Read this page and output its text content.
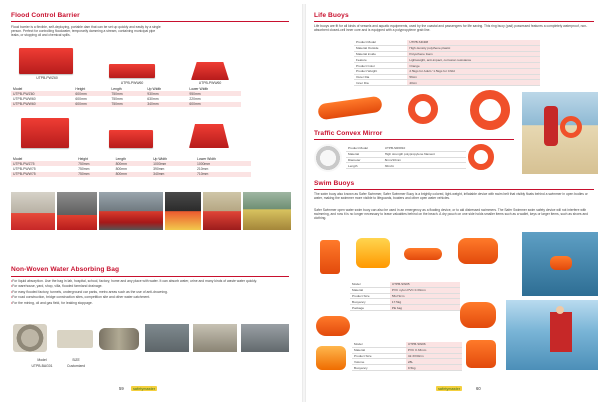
Flood Control Barrier
Flood barrier is a flexible, self-deploying, portable dam that can be set up quickly and easily by a single person. Perfect for controlling floodwater, temporarily damming a stream, containing municipal pipe leaks, or stopping oil and chemical spills.
UTPB-PWZ60
UTPB-PWW60	UTPB-PWW60
Model	Height	Length	Up Width	Lower Width
UTPB-PWZ60	600mm	750mm	930mm	950mm
UTPB-PWW60	600mm	750mm	630mm	220mm
UTPB-PWW60	600mm	750mm	340mm	600mm
Model	Height	Length	Up Width	Lower Width
UTPB-PWZ75	750mm	800mm	1000mm	1000mm
UTPB-PWW75	750mm	800mm	390mm	210mm
UTPB-PWW75	750mm	800mm	340mm	710mm
Non-Woven Water Absorbing Bag
• For liquid absorption. Use the bag in lab, hospital, school, factory, home and any place with water. It can absorb water, urine and many kinds of waste water quickly.
• For warehouse, yard, shop, villa, flooded farmland drainage.
• For easy flooded factory, tunnels, underground car parks, metro areas such as the use of anti-drowning.
• For road construction, bridge construction sites, competition site and other water catchment.
• For the mining, oil and gas field, for leaking stoppage.
Model	SIZE
UTPB-BAG01	Customized
59	safetymaster
Life Buoys
Life buoys are fit for all kinds of vessels and aquatic equipments, used by the coastal and passengers for life saving. This ring buoy (pad) possessed features a completely waterproof, non-absorbent closed-cell inner core and is equipped with a polypropylene grab line.
Product Model	UTPB-SD408
Material Outside	High density polythene plastic
Material inside	Polyethene foam
Feature	Lightweight, anti-impact, corrosion resistance
Product Color	Orange
Product Weight	2.5kgs for Adult / 1.5kgs for Child
Outer Dia	56cm
Inner Dia	40cm
Traffic Convex Mirror
Product Model	UTPB-SR0810
Material	High strength polypropylene filament
Diameter	8mm/10mm
Length	30m/m
Swim Buoys
The swim buoy also known as Safer Swimmer, Safer Swimmer Buoy is a brightly colored, light-weight, inflatable device with swim belt that visibly floats behind a swimmer in open bodies or water, making the swimmer more visible to lifeguards, boaters and other open water vehicles.
Safer Swimmer open water swim buoy can also be used in an emergency as a floating device, or to aid distressed swimmers. The Safer Swimmer swim safety device will not interfere with swimming, and now it is no longer necessary to leave valuables behind on the beach. A dry pouch on one side holds smaller items such as a wallet, keys or larger items, such as shoes and clothing.
Model	UTPB-SW05
Material	PVC nylon PVC 0.33mm
Product Size	56x72cm
Buoyancy	17.5kg
Package	PE bag
Model	UTPB-SW06
Material	PVC 0.33mm
Product Size	42.3X30cm
Volume	28L
Buoyancy	9.5kg
safetymaster	60
